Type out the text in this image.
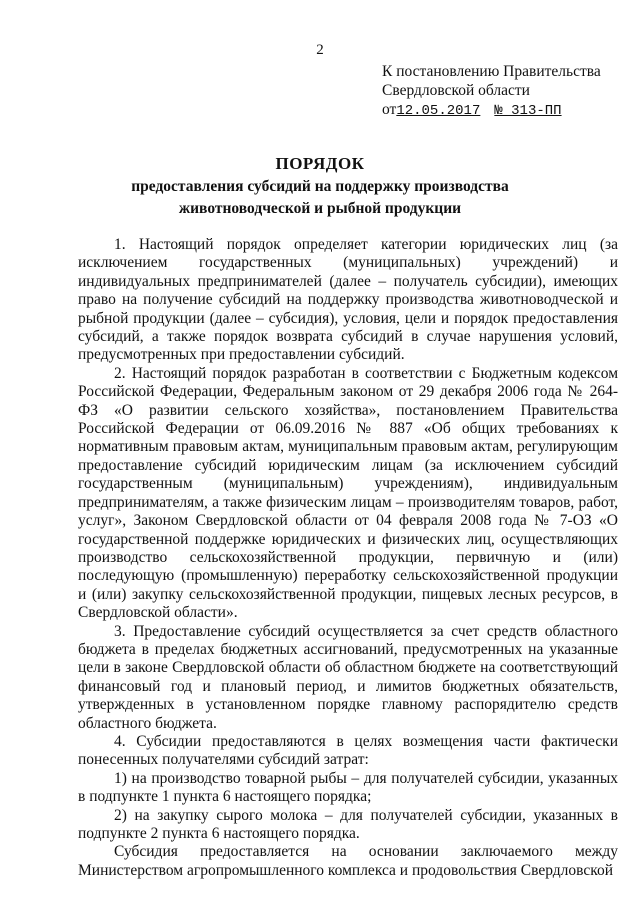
2
К постановлению Правительства
Свердловской области
от12.05.2017 № 313-ПП
ПОРЯДОК
предоставления субсидий на поддержку производства
животноводческой и рыбной продукции

1. Настоящий порядок определяет категории юридических лиц (за исключением государственных (муниципальных) учреждений) и индивидуальных предпринимателей (далее – получатель субсидии), имеющих право на получение субсидий на поддержку производства животноводческой и рыбной продукции (далее – субсидия), условия, цели и порядок предоставления субсидий, а также порядок возврата субсидий в случае нарушения условий, предусмотренных при предоставлении субсидий.

2. Настоящий порядок разработан в соответствии с Бюджетным кодексом Российской Федерации, Федеральным законом от 29 декабря 2006 года № 264-ФЗ «О развитии сельского хозяйства», постановлением Правительства Российской Федерации от 06.09.2016 № 887 «Об общих требованиях к нормативным правовым актам, муниципальным правовым актам, регулирующим предоставление субсидий юридическим лицам (за исключением субсидий государственным (муниципальным) учреждениям), индивидуальным предпринимателям, а также физическим лицам – производителям товаров, работ, услуг», Законом Свердловской области от 04 февраля 2008 года № 7-ОЗ «О государственной поддержке юридических и физических лиц, осуществляющих производство сельскохозяйственной продукции, первичную и (или) последующую (промышленную) переработку сельскохозяйственной продукции и (или) закупку сельскохозяйственной продукции, пищевых лесных ресурсов, в Свердловской области».

3. Предоставление субсидий осуществляется за счет средств областного бюджета в пределах бюджетных ассигнований, предусмотренных на указанные цели в законе Свердловской области об областном бюджете на соответствующий финансовый год и плановый период, и лимитов бюджетных обязательств, утвержденных в установленном порядке главному распорядителю средств областного бюджета.

4. Субсидии предоставляются в целях возмещения части фактически понесенных получателями субсидий затрат:

1) на производство товарной рыбы – для получателей субсидии, указанных в подпункте 1 пункта 6 настоящего порядка;

2) на закупку сырого молока – для получателей субсидии, указанных в подпункте 2 пункта 6 настоящего порядка.

Субсидия предоставляется на основании заключаемого между Министерством агропромышленного комплекса и продовольствия Свердловской
